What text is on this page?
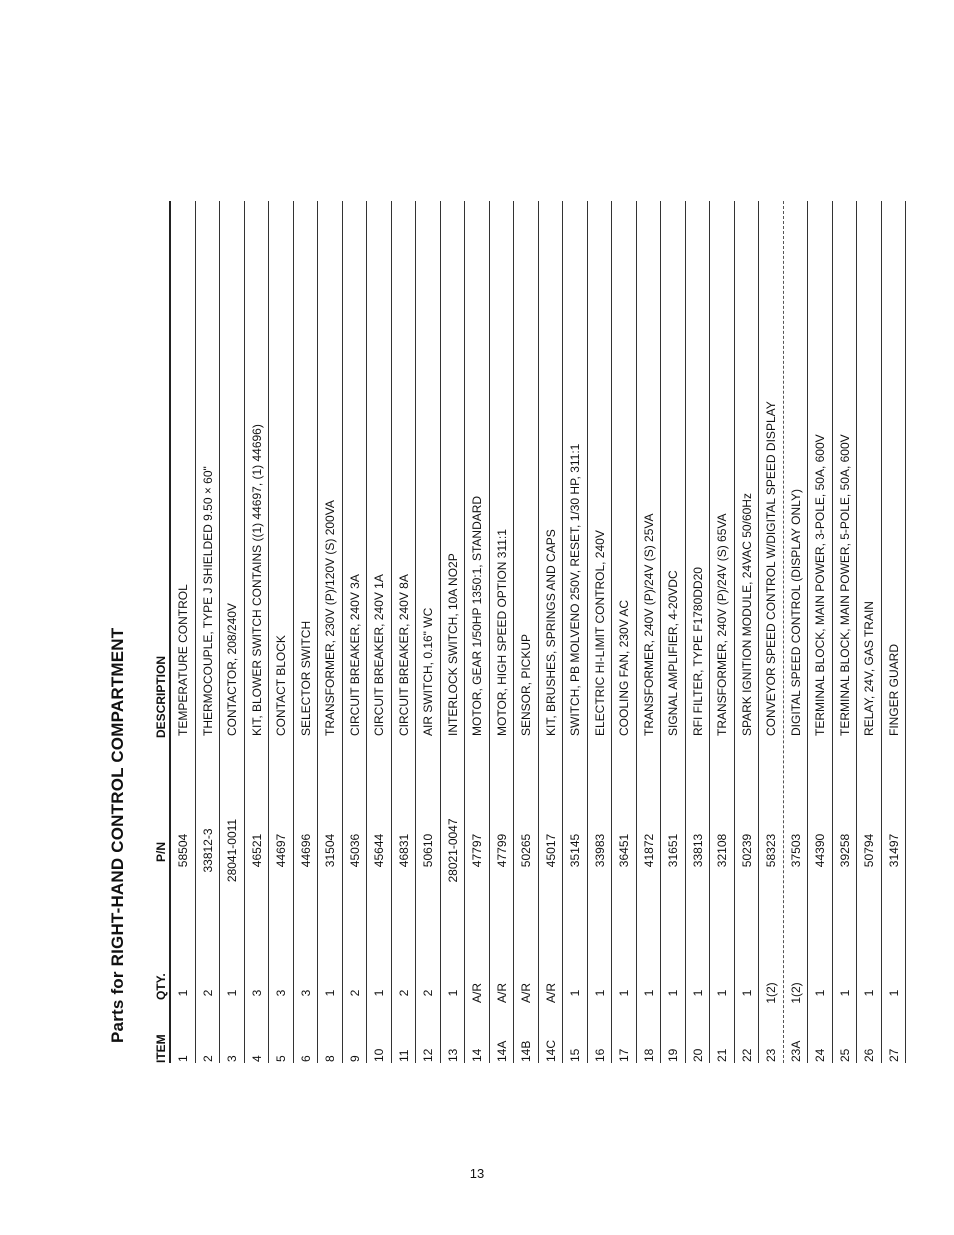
Parts for RIGHT-HAND CONTROL COMPARTMENT
ITEM
QTY.
P/N
DESCRIPTION
1
1
58504
TEMPERATURE CONTROL
2
2
33812-3
THERMOCOUPLE, TYPE J SHIELDED 9.50 × 60"
3
1
28041-0011
CONTACTOR, 208/240V
4
3
46521
KIT, BLOWER SWITCH CONTAINS ((1) 44697, (1) 44696)
5
3
44697
CONTACT BLOCK
6
3
44696
SELECTOR SWITCH
8
1
31504
TRANSFORMER, 230V (P)/120V (S) 200VA
9
2
45036
CIRCUIT BREAKER, 240V 3A
10
1
45644
CIRCUIT BREAKER, 240V 1A
11
2
46831
CIRCUIT BREAKER, 240V 8A
12
2
50610
AIR SWITCH, 0.16" WC
13
1
28021-0047
INTERLOCK SWITCH, 10A NO2P
14
A/R
47797
MOTOR, GEAR 1/50HP 1350:1, STANDARD
14A
A/R
47799
MOTOR, HIGH SPEED OPTION 311:1
14B
A/R
50265
SENSOR, PICKUP
14C
A/R
45017
KIT, BRUSHES, SPRINGS AND CAPS
15
1
35145
SWITCH, PB MOLVENO 250V, RESET, 1/30 HP, 311:1
16
1
33983
ELECTRIC HI-LIMIT CONTROL, 240V
17
1
36451
COOLING FAN, 230V AC
18
1
41872
TRANSFORMER, 240V (P)/24V (S) 25VA
19
1
31651
SIGNAL AMPLIFIER, 4-20VDC
20
1
33813
RFI FILTER, TYPE F1780DD20
21
1
32108
TRANSFORMER, 240V (P)/24V (S) 65VA
22
1
50239
SPARK IGNITION MODULE, 24VAC 50/60Hz
23
1(2)
58323
CONVEYOR SPEED CONTROL W/DIGITAL SPEED DISPLAY
23A
1(2)
37503
DIGITAL SPEED CONTROL (DISPLAY ONLY)
24
1
44390
TERMINAL BLOCK, MAIN POWER, 3-POLE, 50A, 600V
25
1
39258
TERMINAL BLOCK, MAIN POWER, 5-POLE, 50A, 600V
26
1
50794
RELAY, 24V, GAS TRAIN
27
1
31497
FINGER GUARD
13
